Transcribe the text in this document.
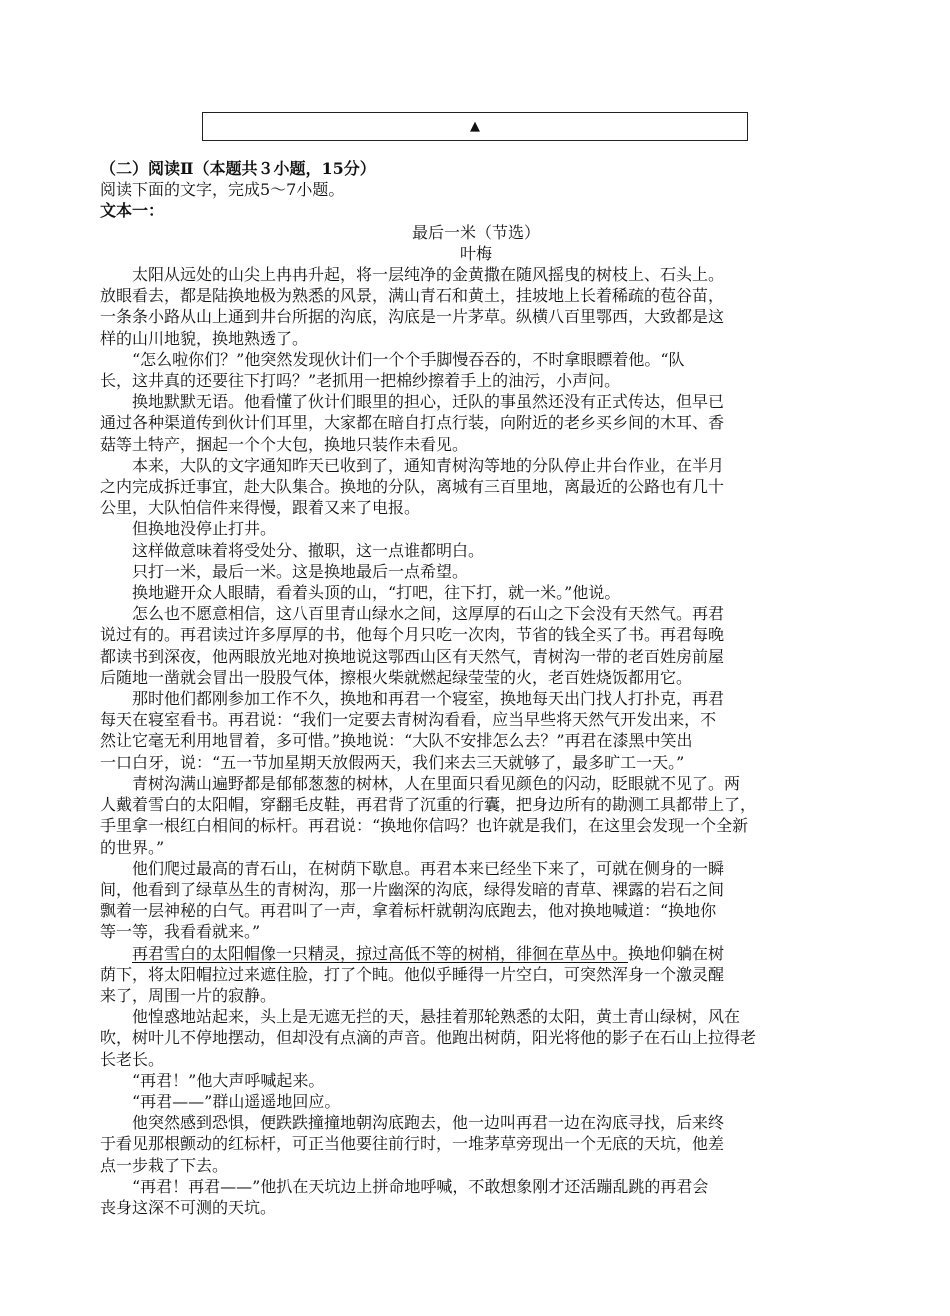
▲
（二）阅读Ⅱ（本题共３小题，15分）
阅读下面的文字，完成5～7小题。
文本一：
最后一米（节选）
叶梅
太阳从远处的山尖上冉冉升起，将一层纯净的金黄撒在随风摇曳的树枝上、石头上。
放眼看去，都是陆换地极为熟悉的风景，满山青石和黄土，挂坡地上长着稀疏的苞谷苗，
一条条小路从山上通到井台所据的沟底，沟底是一片茅草。纵横八百里鄂西，大致都是这
样的山川地貌，换地熟透了。
“怎么啦你们？”他突然发现伙计们一个个手脚慢吞吞的，不时拿眼瞟着他。“队
长，这井真的还要往下打吗？”老抓用一把棉纱擦着手上的油污，小声问。
换地默默无语。他看懂了伙计们眼里的担心，迁队的事虽然还没有正式传达，但早已
通过各种渠道传到伙计们耳里，大家都在暗自打点行装，向附近的老乡买乡间的木耳、香
菇等土特产，捆起一个个大包，换地只装作未看见。
本来，大队的文字通知昨天已收到了，通知青树沟等地的分队停止井台作业，在半月
之内完成拆迁事宜，赴大队集合。换地的分队，离城有三百里地，离最近的公路也有几十
公里，大队怕信件来得慢，跟着又来了电报。
但换地没停止打井。
这样做意味着将受处分、撤职，这一点谁都明白。
只打一米，最后一米。这是换地最后一点希望。
换地避开众人眼睛，看着头顶的山，“打吧，往下打，就一米。”他说。
怎么也不愿意相信，这八百里青山绿水之间，这厚厚的石山之下会没有天然气。再君
说过有的。再君读过许多厚厚的书，他每个月只吃一次肉，节省的钱全买了书。再君每晚
都读书到深夜，他两眼放光地对换地说这鄂西山区有天然气，青树沟一带的老百姓房前屋
后随地一凿就会冒出一股股气体，擦根火柴就燃起绿莹莹的火，老百姓烧饭都用它。
那时他们都刚参加工作不久，换地和再君一个寝室，换地每天出门找人打扑克，再君
每天在寝室看书。再君说：“我们一定要去青树沟看看，应当早些将天然气开发出来，不
然让它毫无利用地冒着，多可惜。”换地说：“大队不安排怎么去？”再君在漆黑中笑出
一口白牙，说：“五一节加星期天放假两天，我们来去三天就够了，最多旷工一天。”
青树沟满山遍野都是郁郁葱葱的树林，人在里面只看见颜色的闪动，眨眼就不见了。两
人戴着雪白的太阳帽，穿翻毛皮鞋，再君背了沉重的行囊，把身边所有的勘测工具都带上了，
手里拿一根红白相间的标杆。再君说：“换地你信吗？也许就是我们，在这里会发现一个全新
的世界。”
他们爬过最高的青石山，在树荫下歇息。再君本来已经坐下来了，可就在侧身的一瞬
间，他看到了绿草丛生的青树沟，那一片幽深的沟底，绿得发暗的青草、裸露的岩石之间
飘着一层神秘的白气。再君叫了一声，拿着标杆就朝沟底跑去，他对换地喊道：“换地你
等一等，我看看就来。”
再君雪白的太阳帽像一只精灵，掠过高低不等的树梢，徘徊在草丛中。换地仰躺在树
荫下，将太阳帽拉过来遮住脸，打了个盹。他似乎睡得一片空白，可突然浑身一个激灵醒
来了，周围一片的寂静。
他惶惑地站起来，头上是无遮无拦的天，悬挂着那轮熟悉的太阳，黄土青山绿树，风在
吹，树叶儿不停地摆动，但却没有点滴的声音。他跑出树荫，阳光将他的影子在石山上拉得老
长老长。
“再君！”他大声呼喊起来。
“再君——”群山遥遥地回应。
他突然感到恐惧，便跌跌撞撞地朝沟底跑去，他一边叫再君一边在沟底寻找，后来终
于看见那根颤动的红标杆，可正当他要往前行时，一堆茅草旁现出一个无底的天坑，他差
点一步栽了下去。
“再君！再君——”他扒在天坑边上拼命地呼喊，不敢想象刚才还活蹦乱跳的再君会
丧身这深不可测的天坑。
